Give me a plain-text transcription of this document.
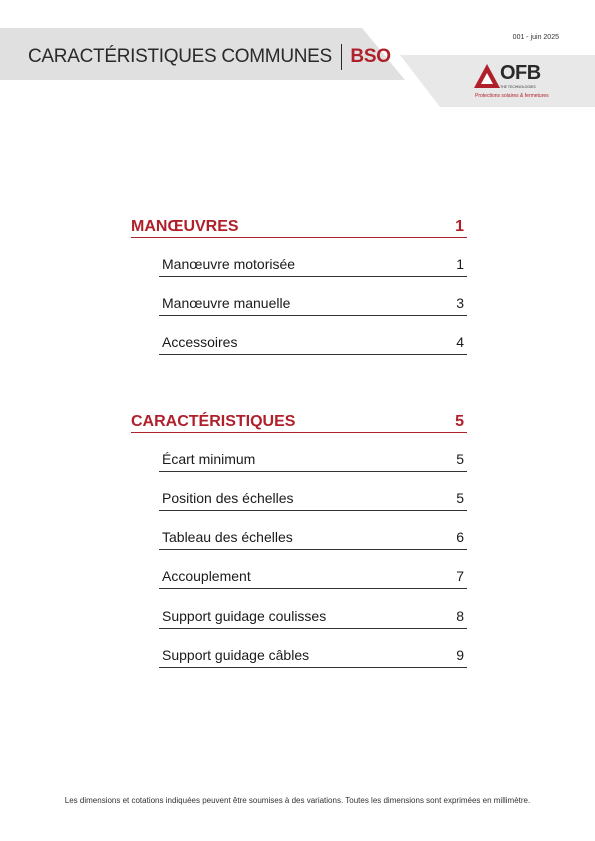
CARACTÉRISTIQUES COMMUNES BSO
001 - juin 2025
OFB
THE TECHNOLOGIES
Protections solaires & fermetures
MANŒUVRES	1
Manœuvre motorisée	1
Manœuvre manuelle	3
Accessoires	4
CARACTÉRISTIQUES	5
Écart minimum	5
Position des échelles	5
Tableau des échelles	6
Accouplement	7
Support guidage coulisses	8
Support guidage câbles	9
Les dimensions et cotations indiquées peuvent être soumises à des variations. Toutes les dimensions sont exprimées en millimètre.
